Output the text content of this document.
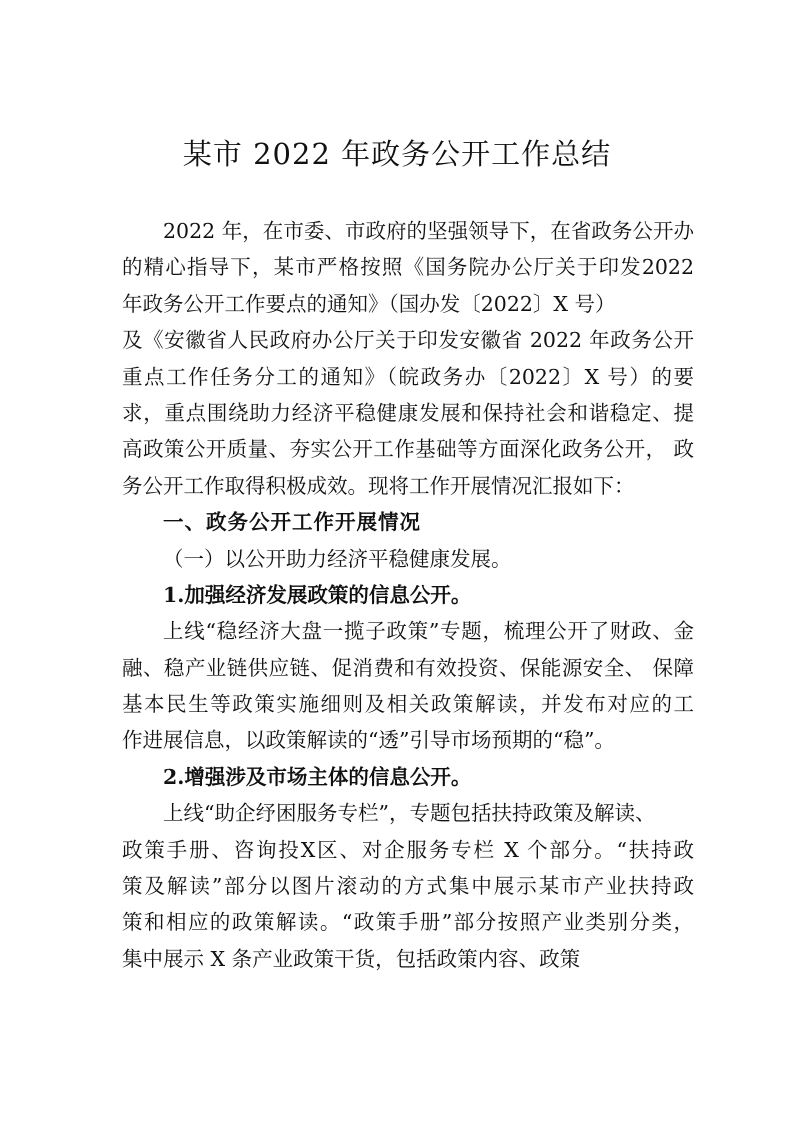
某市 2022 年政务公开工作总结
2022 年，在市委、市政府的坚强领导下，在省政务公开办
的精心指导下，某市严格按照《国务院办公厅关于印发2022
年政务公开工作要点的通知》（国办发〔2022〕X 号）
及《安徽省人民政府办公厅关于印发安徽省 2022 年政务公开
重点工作任务分工的通知》（皖政务办〔2022〕X 号）的要
求，重点围绕助力经济平稳健康发展和保持社会和谐稳定、提
高政策公开质量、夯实公开工作基础等方面深化政务公开， 政
务公开工作取得积极成效。现将工作开展情况汇报如下：
一、政务公开工作开展情况
（一）以公开助力经济平稳健康发展。
1.加强经济发展政策的信息公开。
上线“稳经济大盘一揽子政策”专题，梳理公开了财政、金
融、稳产业链供应链、促消费和有效投资、保能源安全、 保障
基本民生等政策实施细则及相关政策解读，并发布对应的工
作进展信息，以政策解读的“透”引导市场预期的“稳”。
2.增强涉及市场主体的信息公开。
上线“助企纾困服务专栏”，专题包括扶持政策及解读、
政策手册、咨询投X区、对企服务专栏 X 个部分。“扶持政
策及解读”部分以图片滚动的方式集中展示某市产业扶持政
策和相应的政策解读。“政策手册”部分按照产业类别分类，
集中展示 X 条产业政策干货，包括政策内容、政策
